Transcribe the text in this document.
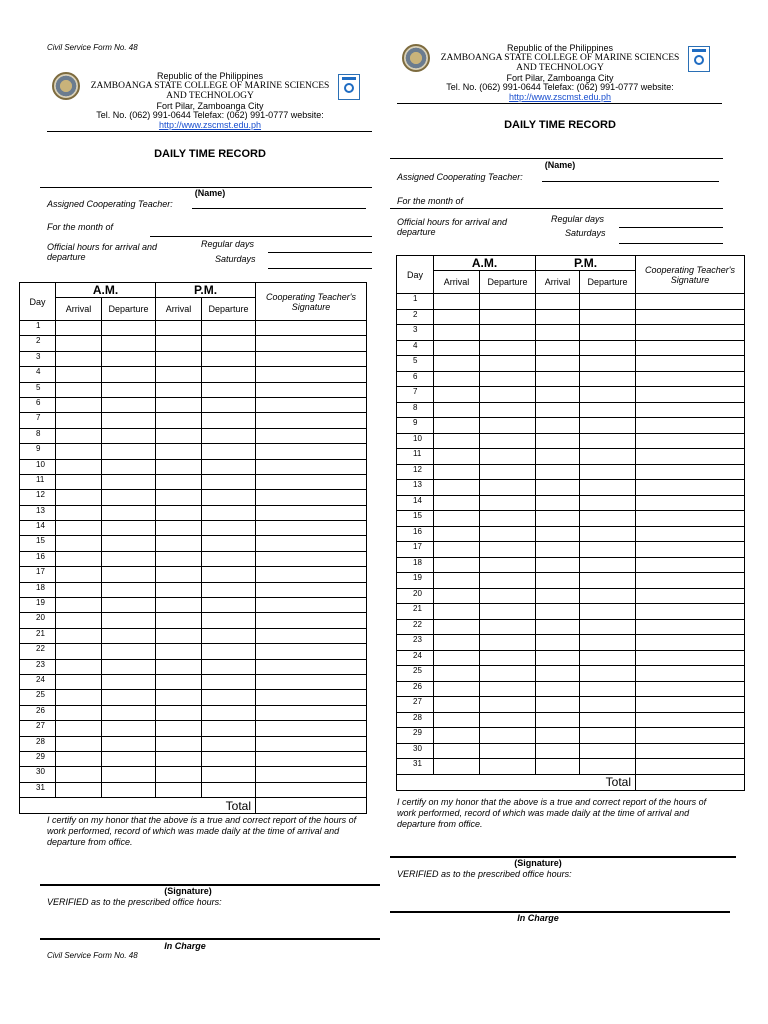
Civil Service Form No. 48
Republic of the Philippines
ZAMBOANGA STATE COLLEGE OF MARINE SCIENCES AND TECHNOLOGY
Fort Pilar, Zamboanga City
Tel. No. (062) 991-0644 Telefax: (062) 991-0777 website:
http://www.zscmst.edu.ph
DAILY TIME RECORD
(Name)
Assigned Cooperating Teacher:
For the month of
Official hours for arrival and departure
Regular days
Saturdays
Day	A.M.		P.M.		Cooperating Teacher's Signature
	Arrival	Departure	Arrival	Departure	
1					
2					
3					
4					
5					
6					
7					
8					
9					
10					
11					
12					
13					
14					
15					
16					
17					
18					
19					
20					
21					
22					
23					
24					
25					
26					
27					
28					
29					
30					
31					
				Total	
I certify on my honor that the above is a true and correct report of the hours of work performed, record of which was made daily at the time of arrival and departure from office.
(Signature)
VERIFIED as to the prescribed office hours:
In Charge
Civil Service Form No. 48
Republic of the Philippines
ZAMBOANGA STATE COLLEGE OF MARINE SCIENCES AND TECHNOLOGY
Fort Pilar, Zamboanga City
Tel. No. (062) 991-0644 Telefax: (062) 991-0777 website:
http://www.zscmst.edu.ph
DAILY TIME RECORD
(Name)
Assigned Cooperating Teacher:
For the month of
Official hours for arrival and departure
Regular days
Saturdays
Day	A.M.		P.M.		Cooperating Teacher's Signature
	Arrival	Departure	Arrival	Departure	
1					
2					
3					
4					
5					
6					
7					
8					
9					
10					
11					
12					
13					
14					
15					
16					
17					
18					
19					
20					
21					
22					
23					
24					
25					
26					
27					
28					
29					
30					
31					
				Total	
I certify on my honor that the above is a true and correct report of the hours of work performed, record of which was made daily at the time of arrival and departure from office.
(Signature)
VERIFIED as to the prescribed office hours:
In Charge
